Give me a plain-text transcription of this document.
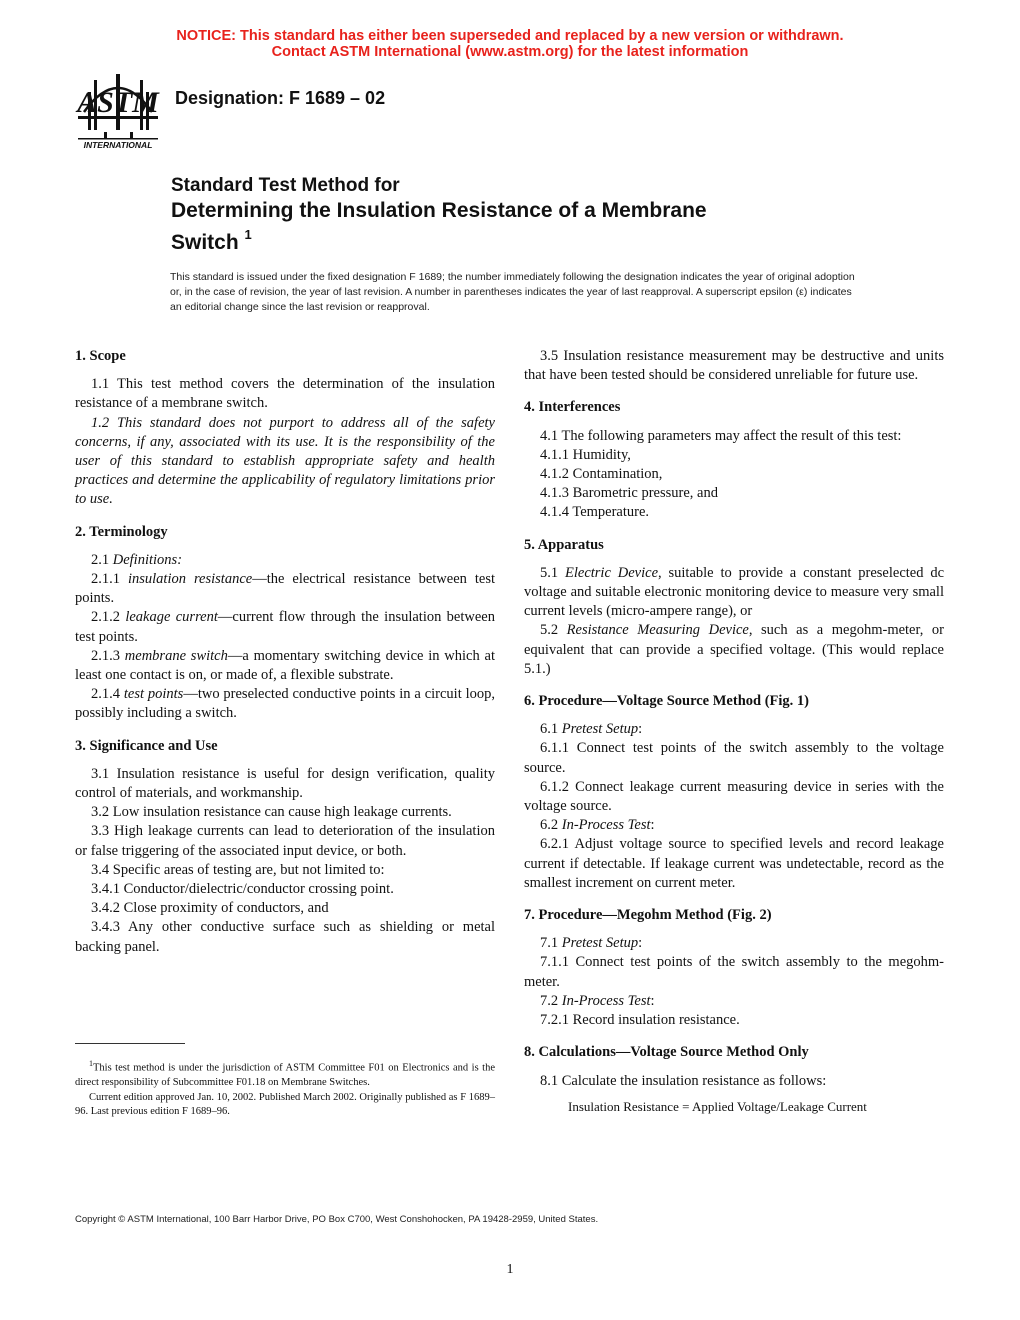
NOTICE: This standard has either been superseded and replaced by a new version or withdrawn.
Contact ASTM International (www.astm.org) for the latest information
ASTM
INTERNATIONAL
Designation: F 1689 – 02
Standard Test Method for
Determining the Insulation Resistance of a Membrane
Switch $^1$
This standard is issued under the fixed designation F 1689; the number immediately following the designation indicates the year of original adoption or, in the case of revision, the year of last revision. A number in parentheses indicates the year of last reapproval. A superscript epsilon (ε) indicates an editorial change since the last revision or reapproval.
1. Scope

1.1 This test method covers the determination of the insulation resistance of a membrane switch.

1.2 This standard does not purport to address all of the safety concerns, if any, associated with its use. It is the responsibility of the user of this standard to establish appropriate safety and health practices and determine the applicability of regulatory limitations prior to use.

2. Terminology

2.1 Definitions:

2.1.1 insulation resistance—the electrical resistance between test points.

2.1.2 leakage current—current flow through the insulation between test points.

2.1.3 membrane switch—a momentary switching device in which at least one contact is on, or made of, a flexible substrate.

2.1.4 test points—two preselected conductive points in a circuit loop, possibly including a switch.

3. Significance and Use

3.1 Insulation resistance is useful for design verification, quality control of materials, and workmanship.

3.2 Low insulation resistance can cause high leakage currents.

3.3 High leakage currents can lead to deterioration of the insulation or false triggering of the associated input device, or both.

3.4 Specific areas of testing are, but not limited to:

3.4.1 Conductor/dielectric/conductor crossing point.

3.4.2 Close proximity of conductors, and

3.4.3 Any other conductive surface such as shielding or metal backing panel.

3.5 Insulation resistance measurement may be destructive and units that have been tested should be considered unreliable for future use.

4. Interferences

4.1 The following parameters may affect the result of this test:

4.1.1 Humidity,

4.1.2 Contamination,

4.1.3 Barometric pressure, and

4.1.4 Temperature.

5. Apparatus

5.1 Electric Device, suitable to provide a constant preselected dc voltage and suitable electronic monitoring device to measure very small current levels (micro-ampere range), or

5.2 Resistance Measuring Device, such as a megohm-meter, or equivalent that can provide a specified voltage. (This would replace 5.1.)

6. Procedure—Voltage Source Method (Fig. 1)

6.1 Pretest Setup:

6.1.1 Connect test points of the switch assembly to the voltage source.

6.1.2 Connect leakage current measuring device in series with the voltage source.

6.2 In-Process Test:

6.2.1 Adjust voltage source to specified levels and record leakage current if detectable. If leakage current was undetectable, record as the smallest increment on current meter.

7. Procedure—Megohm Method (Fig. 2)

7.1 Pretest Setup:

7.1.1 Connect test points of the switch assembly to the megohm-meter.

7.2 In-Process Test:

7.2.1 Record insulation resistance.

8. Calculations—Voltage Source Method Only

8.1 Calculate the insulation resistance as follows:

Insulation Resistance = Applied Voltage/Leakage Current

$^1$This test method is under the jurisdiction of ASTM Committee F01 on Electronics and is the direct responsibility of Subcommittee F01.18 on Membrane Switches.

Current edition approved Jan. 10, 2002. Published March 2002. Originally published as F 1689–96. Last previous edition F 1689–96.

Copyright © ASTM International, 100 Barr Harbor Drive, PO Box C700, West Conshohocken, PA 19428-2959, United States.
1
